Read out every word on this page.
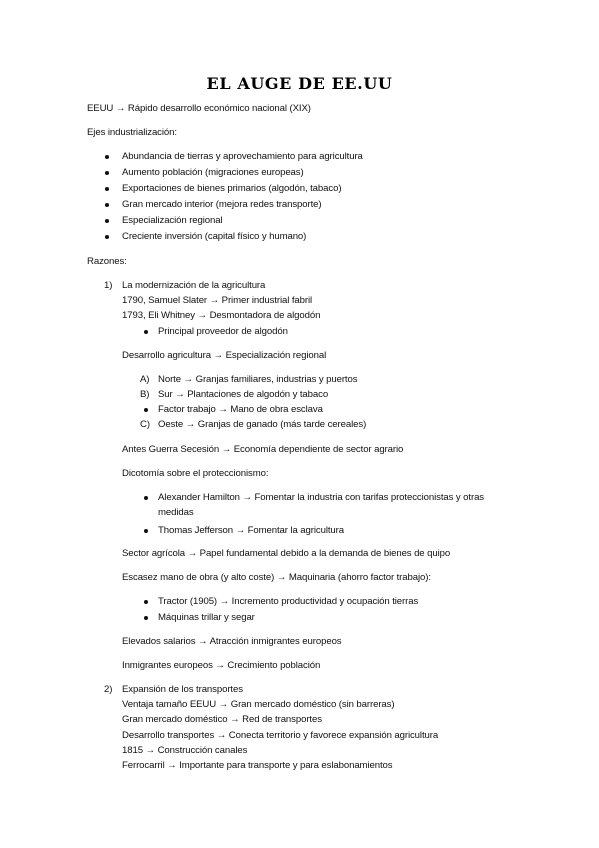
EL AUGE DE EE.UU
EEUU → Rápido desarrollo económico nacional (XIX)
Ejes industrialización:
Abundancia de tierras y aprovechamiento para agricultura
Aumento población (migraciones europeas)
Exportaciones de bienes primarios (algodón, tabaco)
Gran mercado interior (mejora redes transporte)
Especialización regional
Creciente inversión (capital físico y humano)
Razones:
1) La modernización de la agricultura
1790, Samuel Slater → Primer industrial fabril
1793, Eli Whitney → Desmontadora de algodón
Principal proveedor de algodón
Desarrollo agricultura → Especialización regional
A) Norte → Granjas familiares, industrias y puertos
B) Sur → Plantaciones de algodón y tabaco
Factor trabajo → Mano de obra esclava
C) Oeste → Granjas de ganado (más tarde cereales)
Antes Guerra Secesión → Economía dependiente de sector agrario
Dicotomía sobre el proteccionismo:
Alexander Hamilton → Fomentar la industria con tarifas proteccionistas y otras
medidas
Thomas Jefferson → Fomentar la agricultura
Sector agrícola → Papel fundamental debido a la demanda de bienes de quipo
Escasez mano de obra (y alto coste) → Maquinaria (ahorro factor trabajo):
Tractor (1905) → Incremento productividad y ocupación tierras
Máquinas trillar y segar
Elevados salarios → Atracción inmigrantes europeos
Inmigrantes europeos → Crecimiento población
2) Expansión de los transportes
Ventaja tamaño EEUU → Gran mercado doméstico (sin barreras)
Gran mercado doméstico → Red de transportes
Desarrollo transportes → Conecta territorio y favorece expansión agricultura
1815 → Construcción canales
Ferrocarril → Importante para transporte y para eslabonamientos
